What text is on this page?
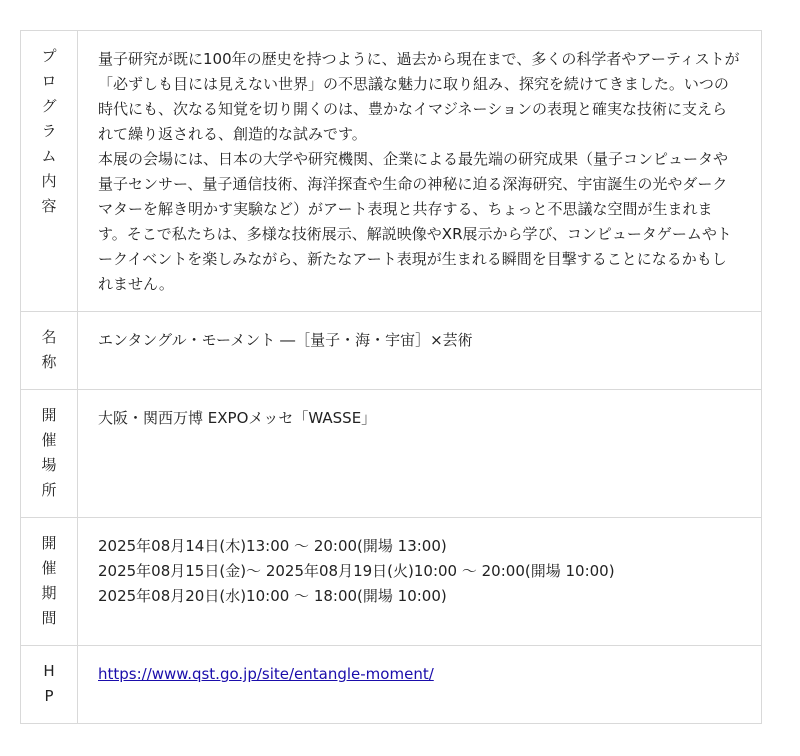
プログラム内容	量子研究が既に100年の歴史を持つように、過去から現在まで、多くの科学者やアーティストが「必ずしも目には見えない世界」の不思議な魅力に取り組み、探究を続けてきました。いつの時代にも、次なる知覚を切り開くのは、豊かなイマジネーションの表現と確実な技術に支えられて繰り返される、創造的な試みです。

本展の会場には、日本の大学や研究機関、企業による最先端の研究成果（量子コンピュータや量子センサー、量子通信技術、海洋探査や生命の神秘に迫る深海研究、宇宙誕生の光やダークマターを解き明かす実験など）がアート表現と共存する、ちょっと不思議な空間が生まれます。そこで私たちは、多様な技術展示、解説映像やXR展示から学び、コンピュータゲームやトークイベントを楽しみながら、新たなアート表現が生まれる瞬間を目撃することになるかもしれません。

名称	エンタングル・モーメント ―［量子・海・宇宙］×芸術

開催場所	大阪・関西万博 EXPOメッセ「WASSE」

開催期間	2025年08月14日(木)13:00 〜 20:00(開場 13:00)

2025年08月15日(金)〜 2025年08月19日(火)10:00 〜 20:00(開場 10:00)

2025年08月20日(水)10:00 〜 18:00(開場 10:00)

HP	https://www.qst.go.jp/site/entangle-moment/
